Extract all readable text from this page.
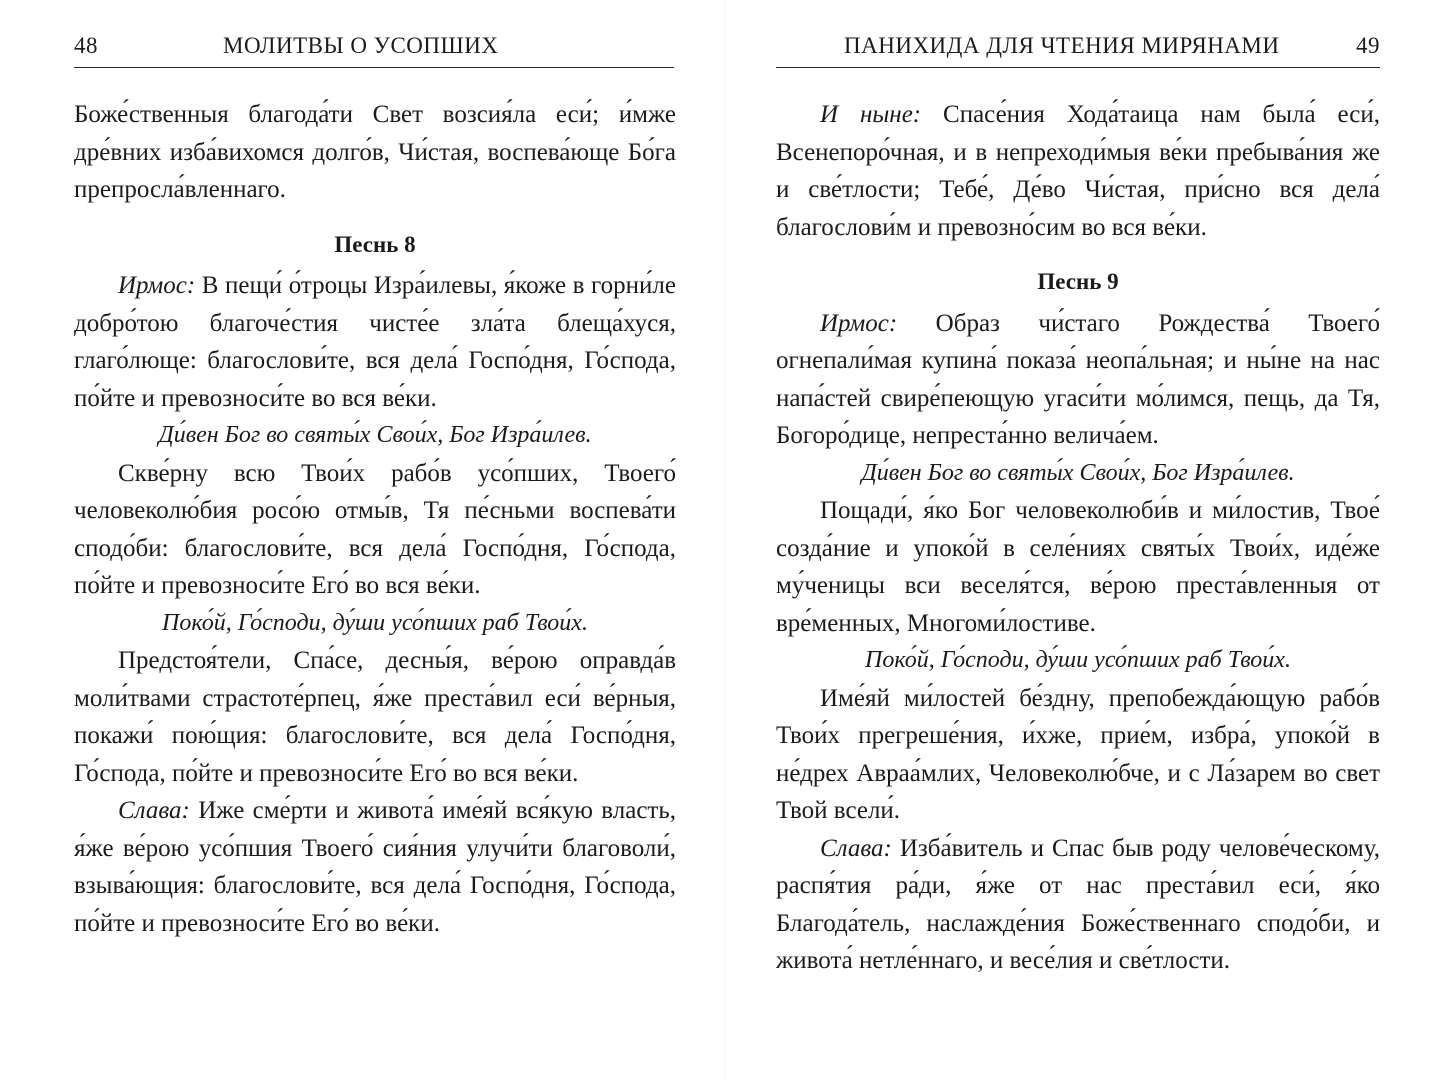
48	МОЛИТВЫ О УСОПШИХ

Боже́ственныя благода́ти Свет возсия́ла еси́; и́мже дре́вних изба́вихомся долго́в, Чи́стая, воспева́юще Бо́га препросла́вленнаго.

Песнь 8

Ирмос: В пещи́ о́троцы Изра́илевы, я́коже в горни́ле добро́тою благоче́стия чисте́е зла́та блеща́хуся, глаго́люще: благослови́те, вся дела́ Госпо́дня, Го́спода, по́йте и превозноси́те во вся ве́ки.

Ди́вен Бог во святы́х Свои́х, Бог Изра́илев.

Скве́рну всю Твои́х рабо́в усо́пших, Твоего́ человеколю́бия росо́ю отмы́в, Тя пе́сньми воспева́ти сподо́би: благослови́те, вся дела́ Госпо́дня, Го́спода, по́йте и превозноси́те Его́ во вся ве́ки.

Поко́й, Го́споди, ду́ши усо́пших раб Твои́х.

Предстоя́тели, Спа́се, десны́я, ве́рою оправда́в моли́твами страстоте́рпец, я́же преста́вил еси́ ве́рныя, покажи́ пою́щия: благослови́те, вся дела́ Госпо́дня, Го́спода, по́йте и превозноси́те Его́ во вся ве́ки.

Слава: Иже сме́рти и живота́ име́яй вся́кую власть, я́же ве́рою усо́пшия Твоего́ сия́ния улучи́ти благоволи́, взыва́ющия: благослови́те, вся дела́ Госпо́дня, Го́спода, по́йте и превозноси́те Его́ во ве́ки.

ПАНИХИДА ДЛЯ ЧТЕНИЯ МИРЯНАМИ	49

И ныне: Спасе́ния Хода́таица нам была́ еси́, Всенепоро́чная, и в непреходи́мыя ве́ки пребыва́ния же и све́тлости; Тебе́, Де́во Чи́стая, при́сно вся дела́ благослови́м и превозно́сим во вся ве́ки.

Песнь 9

Ирмос: Образ чи́стаго Рождества́ Твоего́ огнепали́мая купина́ показа́ неопа́льная; и ны́не на нас напа́стей свире́пеющую угаси́ти мо́лимся, пещь, да Тя, Богоро́дице, непреста́нно велича́ем.

Ди́вен Бог во святы́х Свои́х, Бог Изра́илев.

Пощади́, я́ко Бог человеколюби́в и ми́лостив, Твое́ созда́ние и упоко́й в селе́ниях святы́х Твои́х, иде́же му́ченицы вси веселя́тся, ве́рою преста́вленныя от вре́менных, Многоми́лостиве.

Поко́й, Го́споди, ду́ши усо́пших раб Твои́х.

Име́яй ми́лостей бе́здну, препобежда́ющую рабо́в Твои́х прегреше́ния, и́хже, прие́м, избра́, упоко́й в не́дрех Авраа́млих, Человеколю́бче, и с Ла́зарем во свет Твой всели́.

Слава: Изба́витель и Спас быв роду челове́ческому, распя́тия ра́ди, я́же от нас преста́вил еси́, я́ко Благода́тель, наслажде́ния Боже́ственнаго сподо́би, и живота́ нетле́ннаго, и весе́лия и све́тлости.
